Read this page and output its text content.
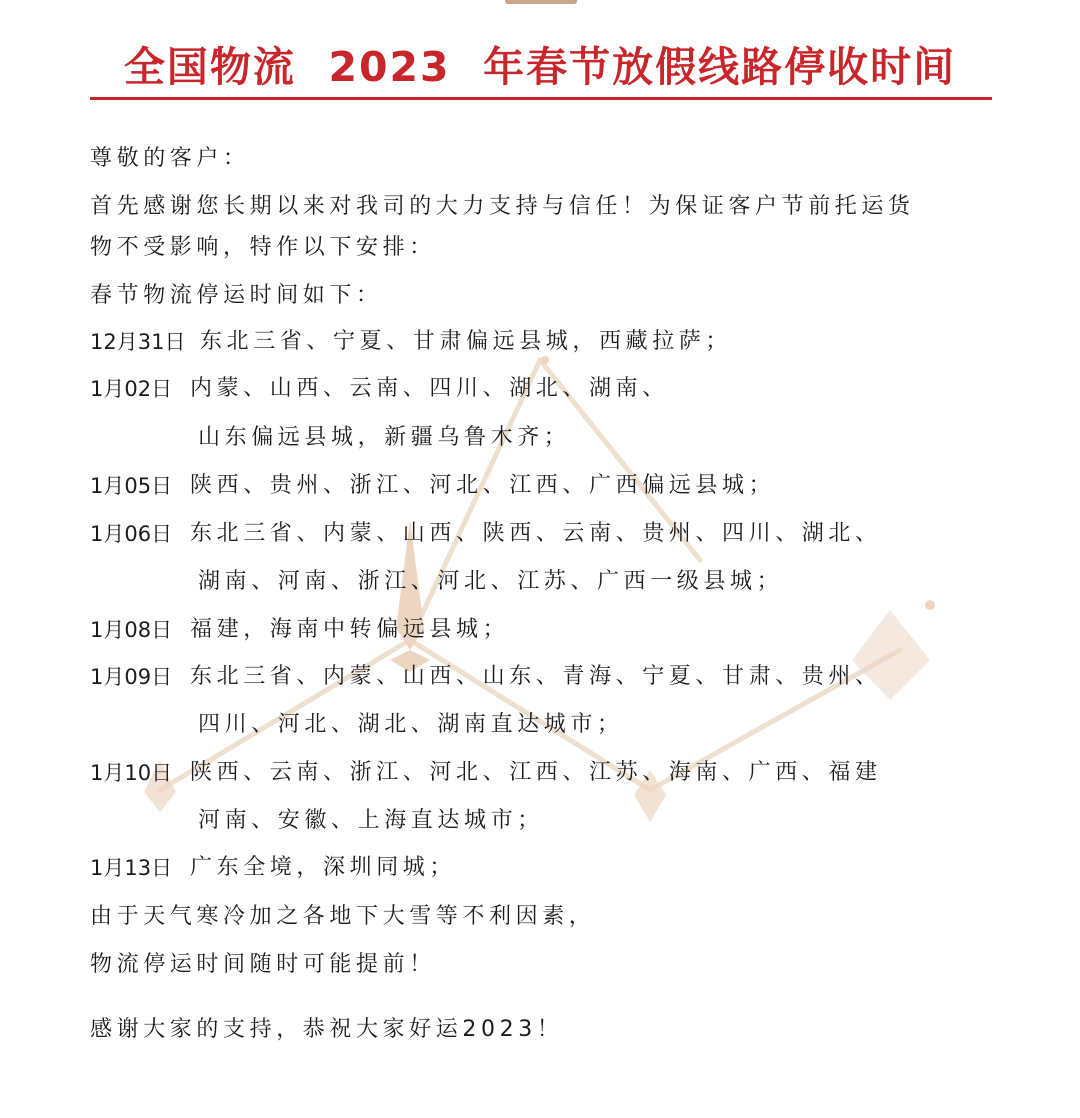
全国物流  2023  年春节放假线路停收时间
尊敬的客户：
首先感谢您长期以来对我司的大力支持与信任！为保证客户节前托运货
物不受影响，特作以下安排：
春节物流停运时间如下：
12月31日 东北三省、宁夏、甘肃偏远县城，西藏拉萨；
1月02日 内蒙、山西、云南、四川、湖北、湖南、
山东偏远县城，新疆乌鲁木齐；
1月05日 陕西、贵州、浙江、河北、江西、广西偏远县城；
1月06日 东北三省、内蒙、山西、陕西、云南、贵州、四川、湖北、
湖南、河南、浙江、河北、江苏、广西一级县城；
1月08日 福建，海南中转偏远县城；
1月09日 东北三省、内蒙、山西、山东、青海、宁夏、甘肃、贵州、
四川、河北、湖北、湖南直达城市；
1月10日 陕西、云南、浙江、河北、江西、江苏、海南、广西、福建
河南、安徽、上海直达城市；
1月13日 广东全境，深圳同城；
由于天气寒冷加之各地下大雪等不利因素，
物流停运时间随时可能提前！
感谢大家的支持，恭祝大家好运2023！
